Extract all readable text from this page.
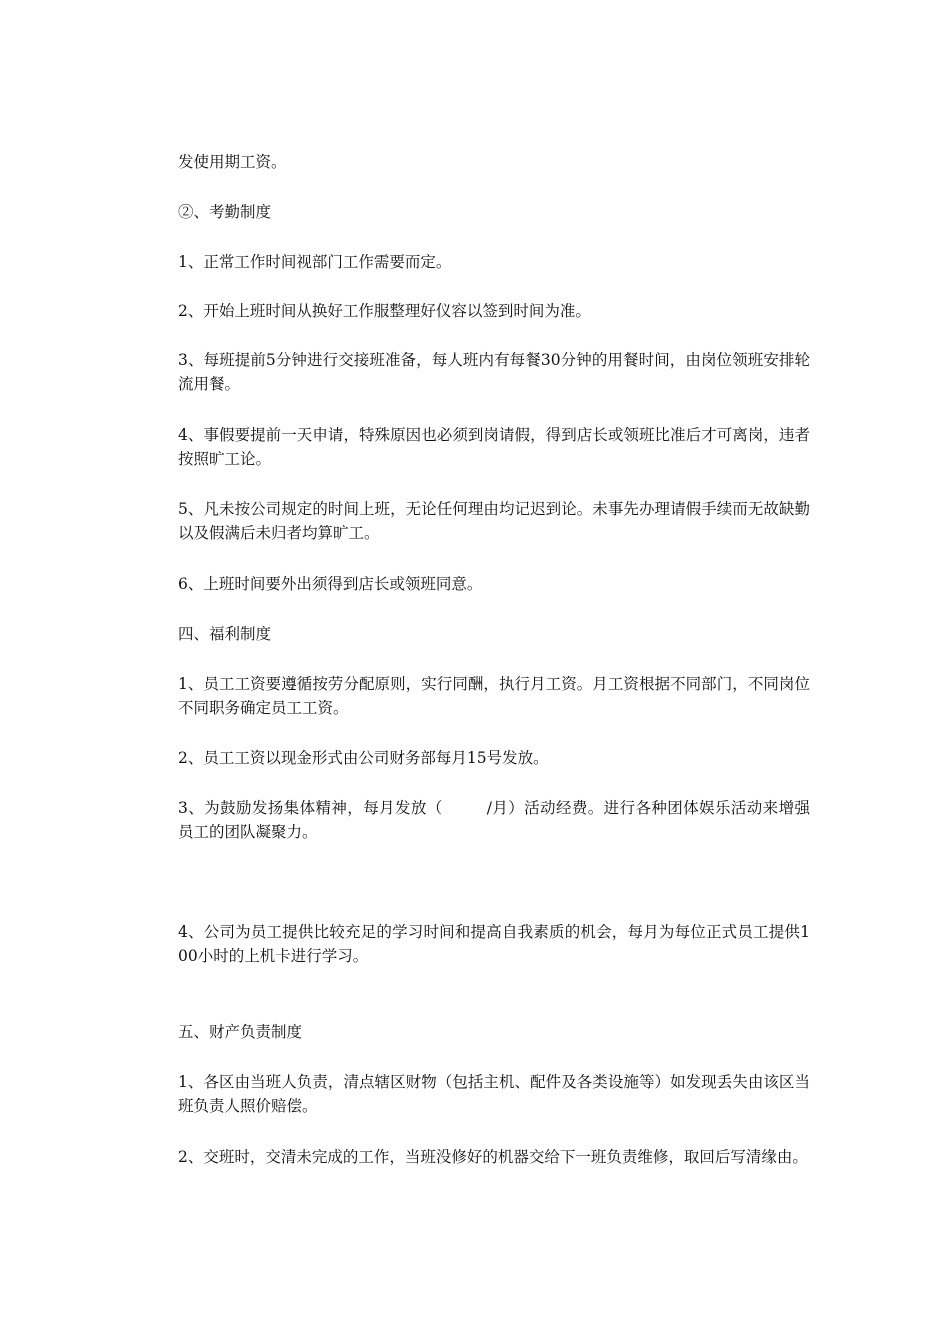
发使用期工资。

②、考勤制度

1、正常工作时间视部门工作需要而定。

2、开始上班时间从换好工作服整理好仪容以签到时间为准。

3、每班提前5分钟进行交接班准备，每人班内有每餐30分钟的用餐时间，由岗位领班安排轮流用餐。

4、事假要提前一天申请，特殊原因也必须到岗请假，得到店长或领班比准后才可离岗，违者按照旷工论。

5、凡未按公司规定的时间上班，无论任何理由均记迟到论。未事先办理请假手续而无故缺勤以及假满后未归者均算旷工。

6、上班时间要外出须得到店长或领班同意。

四、福利制度

1、员工工资要遵循按劳分配原则，实行同酬，执行月工资。月工资根据不同部门，不同岗位不同职务确定员工工资。

2、员工工资以现金形式由公司财务部每月15号发放。

3、为鼓励发扬集体精神，每月发放（	/月）活动经费。进行各种团体娱乐活动来增强员工的团队凝聚力。

4、公司为员工提供比较充足的学习时间和提高自我素质的机会，每月为每位正式员工提供100小时的上机卡进行学习。

五、财产负责制度

1、各区由当班人负责，清点辖区财物（包括主机、配件及各类设施等）如发现丢失由该区当班负责人照价赔偿。

2、交班时，交清未完成的工作，当班没修好的机器交给下一班负责维修，取回后写清缘由。
